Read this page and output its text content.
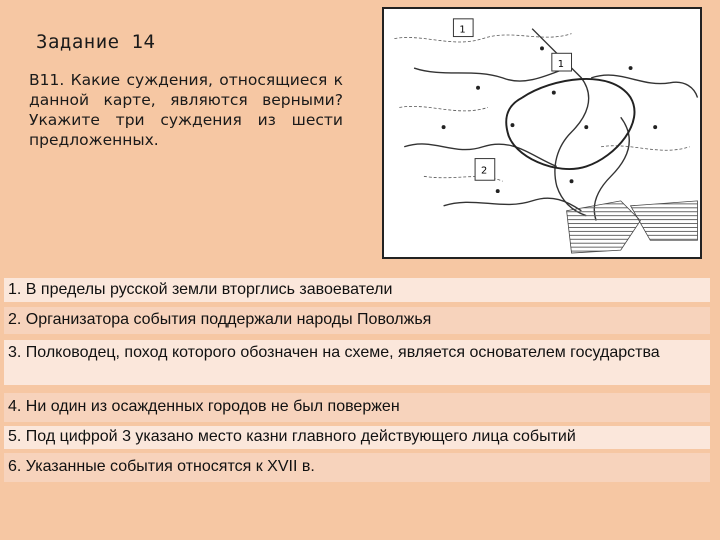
Задание 14
В11. Какие суждения, относящиеся к данной карте, являются верными? Укажите три суждения из шести предложенных.
1
1
2
1. В пределы русской земли вторглись завоеватели
2. Организатора события поддержали народы Поволжья
3. Полководец, поход которого обозначен на схеме, является основателем государства
4. Ни один из осажденных городов не был повержен
5. Под цифрой 3 указано место казни главного действующего лица событий
6. Указанные события относятся к XVII в.
